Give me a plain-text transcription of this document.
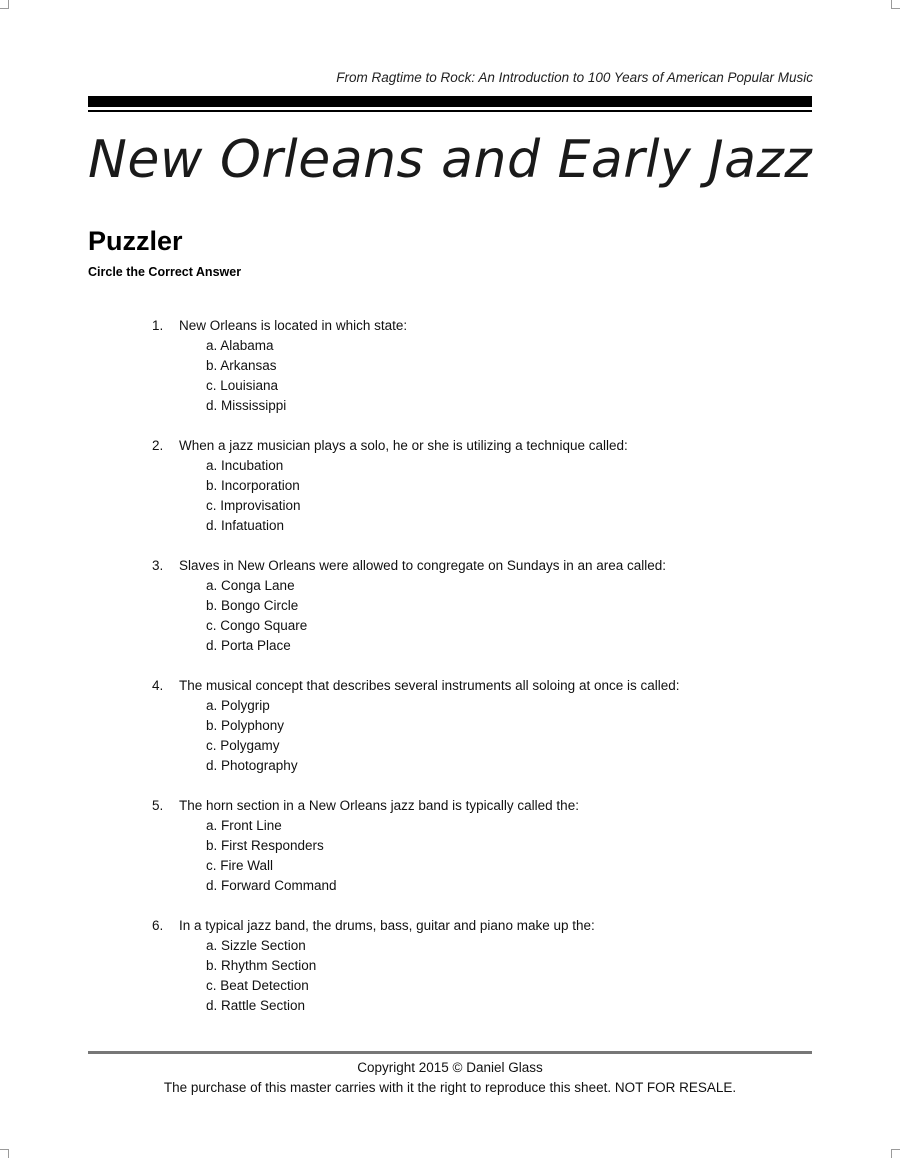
From Ragtime to Rock: An Introduction to 100 Years of American Popular Music
New Orleans and Early Jazz
Puzzler
Circle the Correct Answer
1.	New Orleans is located in which state:
a. Alabama
b. Arkansas
c. Louisiana
d. Mississippi
2.	When a jazz musician plays a solo, he or she is utilizing a technique called:
a. Incubation
b. Incorporation
c. Improvisation
d. Infatuation
3.	Slaves in New Orleans were allowed to congregate on Sundays in an area called:
a. Conga Lane
b. Bongo Circle
c. Congo Square
d. Porta Place
4.	The musical concept that describes several instruments all soloing at once is called:
a. Polygrip
b. Polyphony
c. Polygamy
d. Photography
5.	The horn section in a New Orleans jazz band is typically called the:
a. Front Line
b. First Responders
c. Fire Wall
d. Forward Command
6.	In a typical jazz band, the drums, bass, guitar and piano make up the:
a. Sizzle Section
b. Rhythm Section
c. Beat Detection
d. Rattle Section
Copyright 2015 © Daniel Glass
The purchase of this master carries with it the right to reproduce this sheet. NOT FOR RESALE.
